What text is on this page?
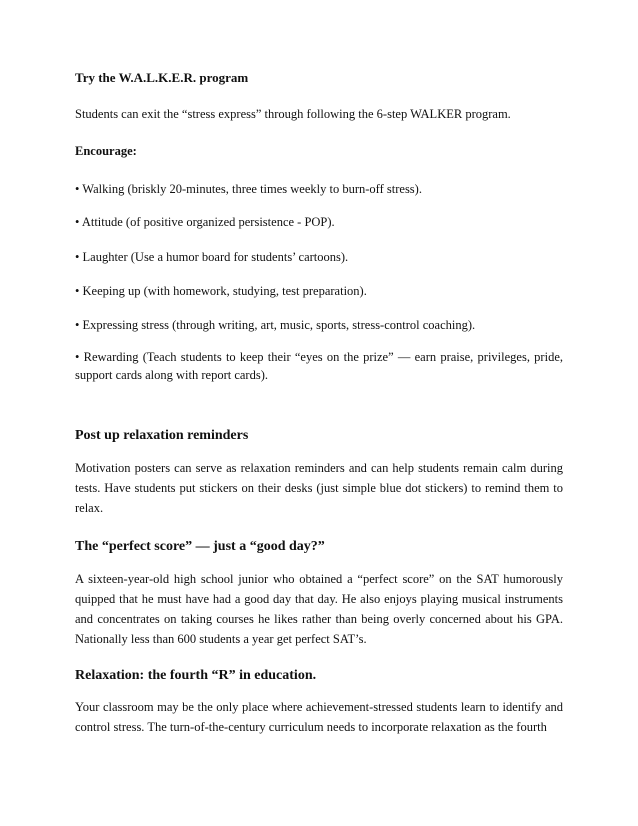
Try the W.A.L.K.E.R. program

Students can exit the “stress express” through following the 6-step WALKER program.

Encourage:

• Walking (briskly 20-minutes, three times weekly to burn-off stress).
• Attitude (of positive organized persistence - POP).
• Laughter (Use a humor board for students’ cartoons).
• Keeping up (with homework, studying, test preparation).
• Expressing stress (through writing, art, music, sports, stress-control coaching).
• Rewarding (Teach students to keep their “eyes on the prize” — earn praise, privileges, pride, support cards along with report cards).

Post up relaxation reminders

Motivation posters can serve as relaxation reminders and can help students remain calm during tests. Have students put stickers on their desks (just simple blue dot stickers) to remind them to relax.

The “perfect score” — just a “good day?”

A sixteen-year-old high school junior who obtained a “perfect score” on the SAT humorously quipped that he must have had a good day that day. He also enjoys playing musical instruments and concentrates on taking courses he likes rather than being overly concerned about his GPA. Nationally less than 600 students a year get perfect SAT’s.

Relaxation: the fourth “R” in education.

Your classroom may be the only place where achievement-stressed students learn to identify and control stress. The turn-of-the-century curriculum needs to incorporate relaxation as the fourth
